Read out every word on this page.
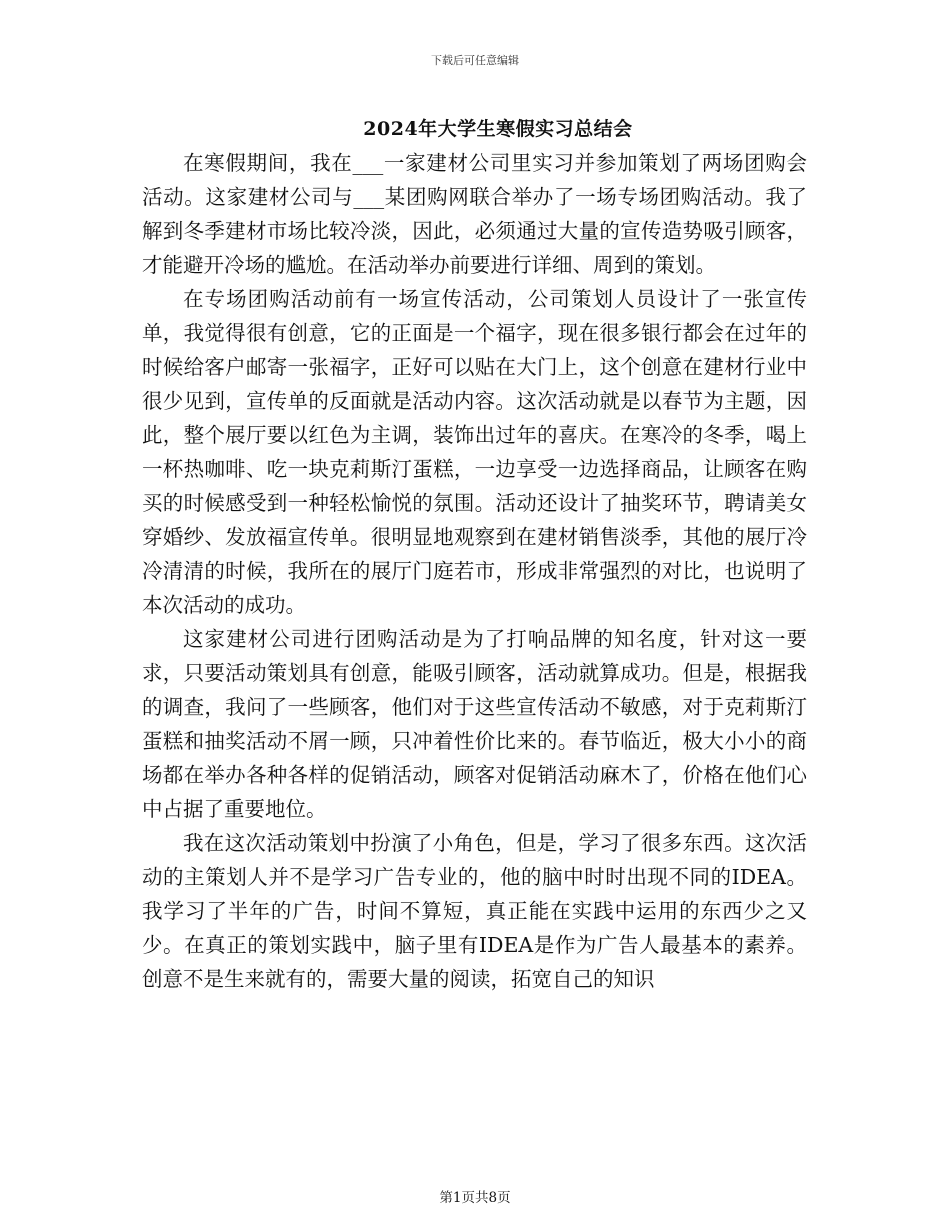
下载后可任意编辑
2024年大学生寒假实习总结会

在寒假期间，我在___一家建材公司里实习并参加策划了两场团购会活动。这家建材公司与___某团购网联合举办了一场专场团购活动。我了解到冬季建材市场比较冷淡，因此，必须通过大量的宣传造势吸引顾客，才能避开冷场的尴尬。在活动举办前要进行详细、周到的策划。

在专场团购活动前有一场宣传活动，公司策划人员设计了一张宣传单，我觉得很有创意，它的正面是一个福字，现在很多银行都会在过年的时候给客户邮寄一张福字，正好可以贴在大门上，这个创意在建材行业中很少见到，宣传单的反面就是活动内容。这次活动就是以春节为主题，因此，整个展厅要以红色为主调，装饰出过年的喜庆。在寒冷的冬季，喝上一杯热咖啡、吃一块克莉斯汀蛋糕，一边享受一边选择商品，让顾客在购买的时候感受到一种轻松愉悦的氛围。活动还设计了抽奖环节，聘请美女穿婚纱、发放福宣传单。很明显地观察到在建材销售淡季，其他的展厅冷冷清清的时候，我所在的展厅门庭若市，形成非常强烈的对比，也说明了本次活动的成功。

这家建材公司进行团购活动是为了打响品牌的知名度，针对这一要求，只要活动策划具有创意，能吸引顾客，活动就算成功。但是，根据我的调查，我问了一些顾客，他们对于这些宣传活动不敏感，对于克莉斯汀蛋糕和抽奖活动不屑一顾，只冲着性价比来的。春节临近，极大小小的商场都在举办各种各样的促销活动，顾客对促销活动麻木了，价格在他们心中占据了重要地位。

我在这次活动策划中扮演了小角色，但是，学习了很多东西。这次活动的主策划人并不是学习广告专业的，他的脑中时时出现不同的IDEA。我学习了半年的广告，时间不算短，真正能在实践中运用的东西少之又少。在真正的策划实践中，脑子里有IDEA是作为广告人最基本的素养。创意不是生来就有的，需要大量的阅读，拓宽自己的知识

第1页共8页
